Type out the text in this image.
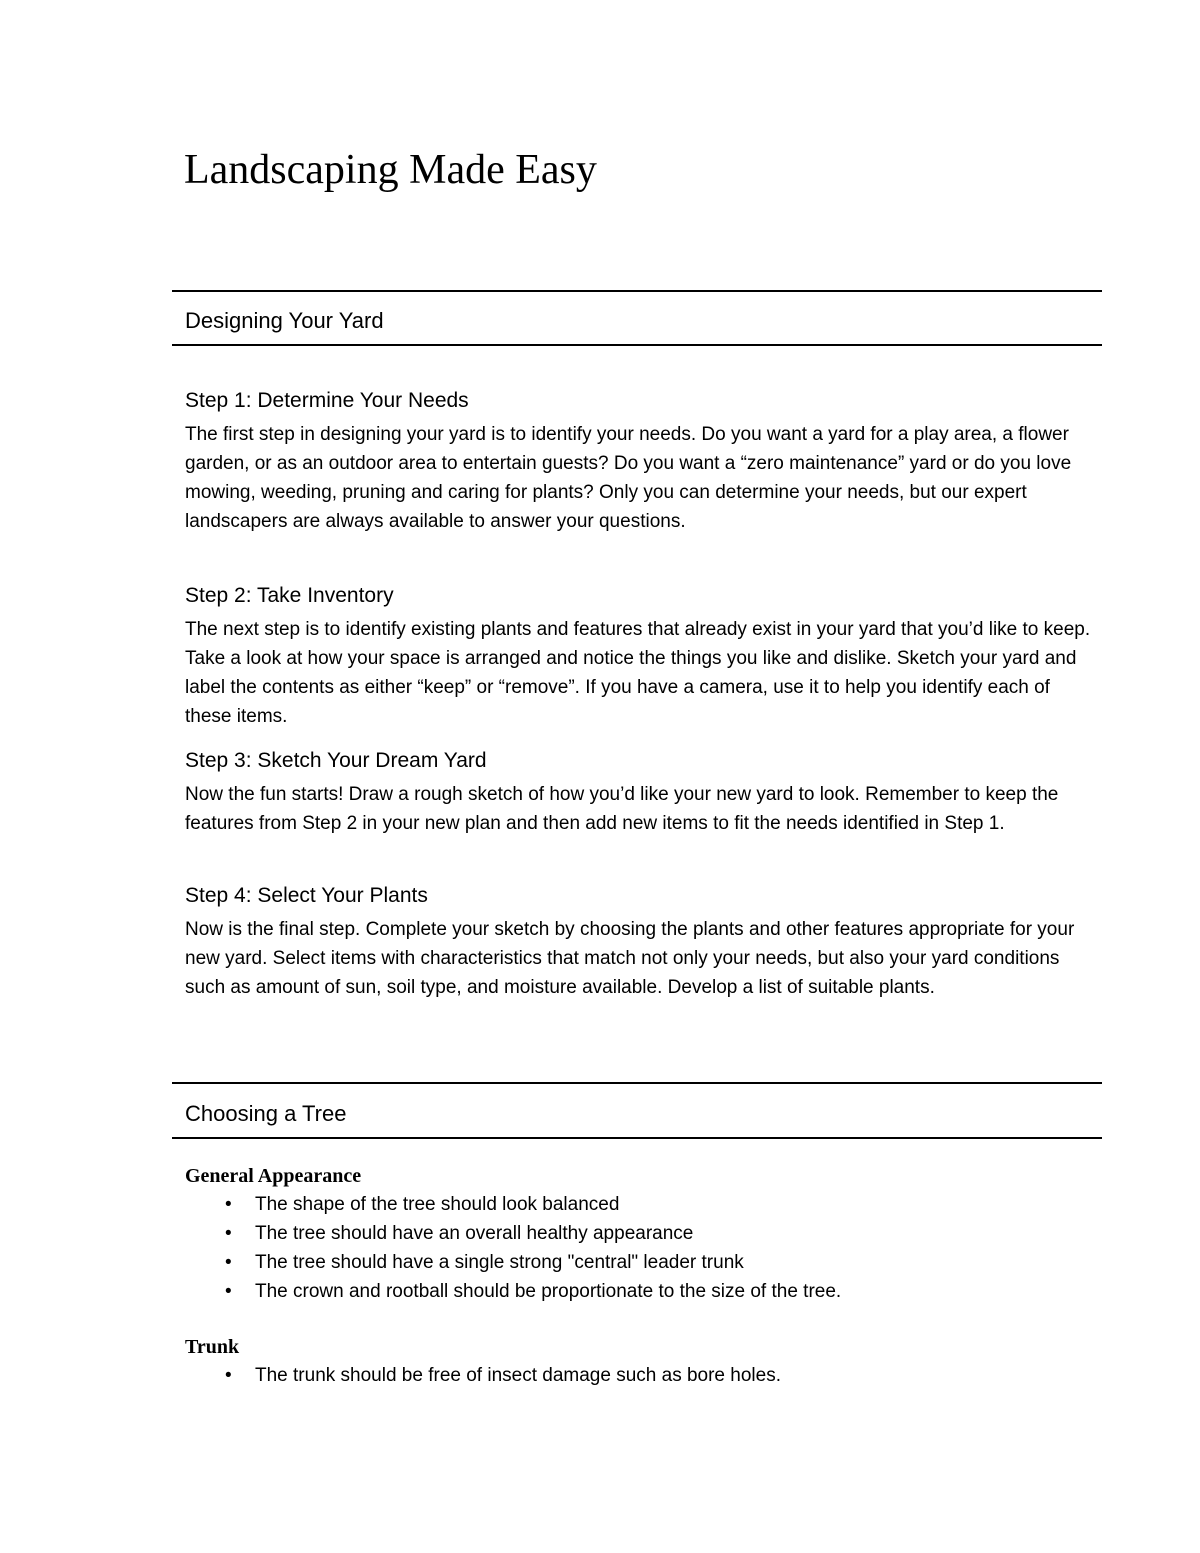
Landscaping Made Easy
Designing Your Yard
Step 1: Determine Your Needs

The first step in designing your yard is to identify your needs. Do you want a yard for a play area, a flower garden, or as an outdoor area to entertain guests? Do you want a “zero maintenance” yard or do you love mowing, weeding, pruning and caring for plants? Only you can determine your needs, but our expert landscapers are always available to answer your questions.

Step 2: Take Inventory

The next step is to identify existing plants and features that already exist in your yard that you’d like to keep. Take a look at how your space is arranged and notice the things you like and dislike. Sketch your yard and label the contents as either “keep” or “remove”. If you have a camera, use it to help you identify each of these items.

Step 3: Sketch Your Dream Yard

Now the fun starts! Draw a rough sketch of how you’d like your new yard to look. Remember to keep the features from Step 2 in your new plan and then add new items to fit the needs identified in Step 1.

Step 4: Select Your Plants

Now is the final step. Complete your sketch by choosing the plants and other features appropriate for your new yard. Select items with characteristics that match not only your needs, but also your yard conditions such as amount of sun, soil type, and moisture available. Develop a list of suitable plants.

Choosing a Tree
General Appearance
• The shape of the tree should look balanced
• The tree should have an overall healthy appearance
• The tree should have a single strong "central" leader trunk
• The crown and rootball should be proportionate to the size of the tree.
Trunk
• The trunk should be free of insect damage such as bore holes.
